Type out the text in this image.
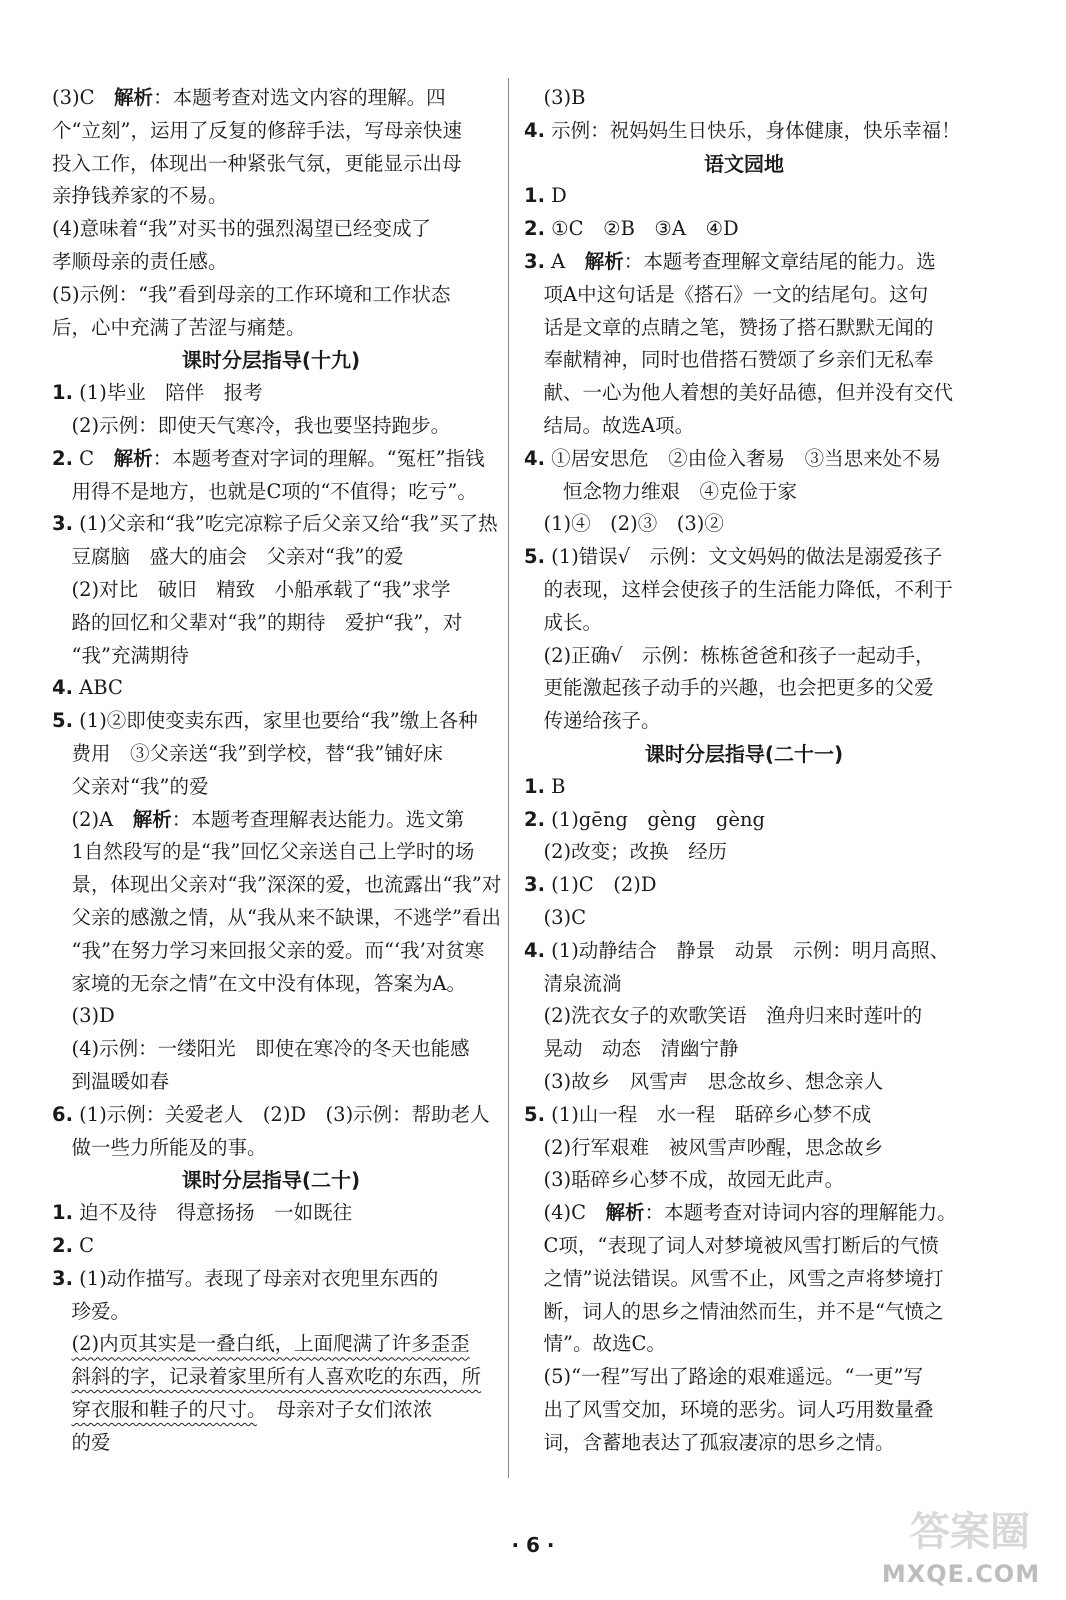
(3)C　解析：本题考查对选文内容的理解。四
个“立刻”，运用了反复的修辞手法，写母亲快速
投入工作，体现出一种紧张气氛，更能显示出母
亲挣钱养家的不易。
(4)意味着“我”对买书的强烈渴望已经变成了
孝顺母亲的责任感。
(5)示例：“我”看到母亲的工作环境和工作状态
后，心中充满了苦涩与痛楚。
课时分层指导(十九)
1. (1)毕业　陪伴　报考
　(2)示例：即使天气寒冷，我也要坚持跑步。
2. C　解析：本题考查对字词的理解。“冤枉”指钱
　用得不是地方，也就是C项的“不值得；吃亏”。
3. (1)父亲和“我”吃完凉粽子后父亲又给“我”买了热
　豆腐脑　盛大的庙会　父亲对“我”的爱
　(2)对比　破旧　精致　小船承载了“我”求学
　路的回忆和父辈对“我”的期待　爱护“我”，对
　“我”充满期待
4. ABC
5. (1)②即使变卖东西，家里也要给“我”缴上各种
　费用　③父亲送“我”到学校，替“我”铺好床
　父亲对“我”的爱
　(2)A　解析：本题考查理解表达能力。选文第
　1自然段写的是“我”回忆父亲送自己上学时的场
　景，体现出父亲对“我”深深的爱，也流露出“我”对
　父亲的感激之情，从“我从来不缺课，不逃学”看出
　“我”在努力学习来回报父亲的爱。而“‘我’对贫寒
　家境的无奈之情”在文中没有体现，答案为A。
　(3)D
　(4)示例：一缕阳光　即使在寒冷的冬天也能感
　到温暖如春
6. (1)示例：关爱老人　(2)D　(3)示例：帮助老人
　做一些力所能及的事。
课时分层指导(二十)
1. 迫不及待　得意扬扬　一如既往
2. C
3. (1)动作描写。表现了母亲对衣兜里东西的
　珍爱。
　(2)内页其实是一叠白纸，上面爬满了许多歪歪
　斜斜的字，记录着家里所有人喜欢吃的东西，所
　穿衣服和鞋子的尺寸。　母亲对子女们浓浓
　的爱
　(3)B
4. 示例：祝妈妈生日快乐，身体健康，快乐幸福！
语文园地
1. D
2. ①C　②B　③A　④D
3. A　解析：本题考查理解文章结尾的能力。选
　项A中这句话是《搭石》一文的结尾句。这句
　话是文章的点睛之笔，赞扬了搭石默默无闻的
　奉献精神，同时也借搭石赞颂了乡亲们无私奉
　献、一心为他人着想的美好品德，但并没有交代
　结局。故选A项。
4. ①居安思危　②由俭入奢易　③当思来处不易
　　恒念物力维艰　④克俭于家
　(1)④　(2)③　(3)②
5. (1)错误√　示例：文文妈妈的做法是溺爱孩子
　的表现，这样会使孩子的生活能力降低，不利于
　成长。
　(2)正确√　示例：栋栋爸爸和孩子一起动手，
　更能激起孩子动手的兴趣，也会把更多的父爱
　传递给孩子。
课时分层指导(二十一)
1. B
2. (1)gēng　gèng　gèng
　(2)改变；改换　经历
3. (1)C　(2)D
　(3)C
4. (1)动静结合　静景　动景　示例：明月高照、
　清泉流淌
　(2)洗衣女子的欢歌笑语　渔舟归来时莲叶的
　晃动　动态　清幽宁静
　(3)故乡　风雪声　思念故乡、想念亲人
5. (1)山一程　水一程　聒碎乡心梦不成
　(2)行军艰难　被风雪声吵醒，思念故乡
　(3)聒碎乡心梦不成，故园无此声。
　(4)C　解析：本题考查对诗词内容的理解能力。
　C项，“表现了词人对梦境被风雪打断后的气愤
　之情”说法错误。风雪不止，风雪之声将梦境打
　断，词人的思乡之情油然而生，并不是“气愤之
　情”。故选C。
　(5)“一程”写出了路途的艰难遥远。“一更”写
　出了风雪交加，环境的恶劣。词人巧用数量叠
　词，含蓄地表达了孤寂凄凉的思乡之情。
· 6 ·	答案圈
MXQE.COM
